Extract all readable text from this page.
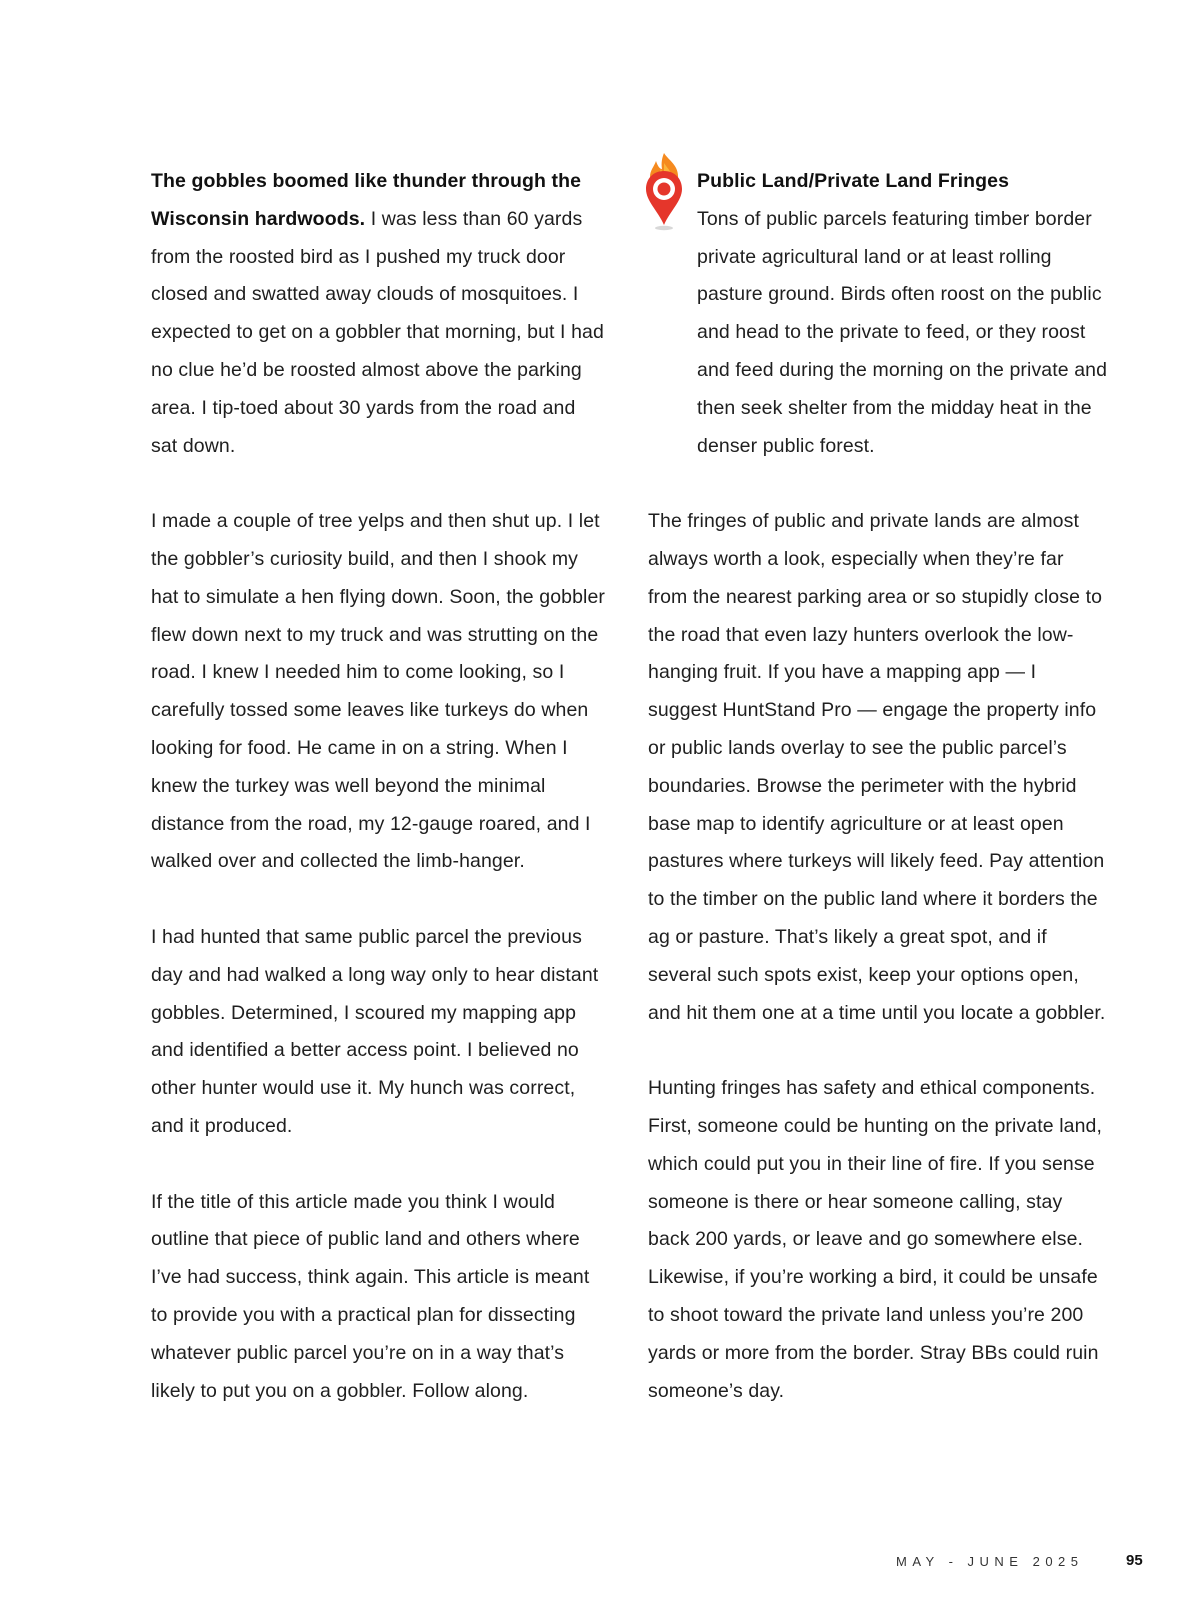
The gobbles boomed like thunder through the Wisconsin hardwoods. I was less than 60 yards from the roosted bird as I pushed my truck door closed and swatted away clouds of mosquitoes. I expected to get on a gobbler that morning, but I had no clue he’d be roosted almost above the parking area. I tip-toed about 30 yards from the road and sat down.

I made a couple of tree yelps and then shut up. I let the gobbler’s curiosity build, and then I shook my hat to simulate a hen flying down. Soon, the gobbler flew down next to my truck and was strutting on the road. I knew I needed him to come looking, so I carefully tossed some leaves like turkeys do when looking for food. He came in on a string. When I knew the turkey was well beyond the minimal distance from the road, my 12-gauge roared, and I walked over and collected the limb-hanger.

I had hunted that same public parcel the previous day and had walked a long way only to hear distant gobbles. Determined, I scoured my mapping app and identified a better access point. I believed no other hunter would use it. My hunch was correct, and it produced.

If the title of this article made you think I would outline that piece of public land and others where I’ve had success, think again. This article is meant to provide you with a practical plan for dissecting whatever public parcel you’re on in a way that’s likely to put you on a gobbler. Follow along.

Public Land/Private Land Fringes
Tons of public parcels featuring timber border private agricultural land or at least rolling pasture ground. Birds often roost on the public and head to the private to feed, or they roost and feed during the morning on the private and then seek shelter from the midday heat in the denser public forest.

The fringes of public and private lands are almost always worth a look, especially when they’re far from the nearest parking area or so stupidly close to the road that even lazy hunters overlook the low-hanging fruit. If you have a mapping app — I suggest HuntStand Pro — engage the property info or public lands overlay to see the public parcel’s boundaries. Browse the perimeter with the hybrid base map to identify agriculture or at least open pastures where turkeys will likely feed. Pay attention to the timber on the public land where it borders the ag or pasture. That’s likely a great spot, and if several such spots exist, keep your options open, and hit them one at a time until you locate a gobbler.

Hunting fringes has safety and ethical components. First, someone could be hunting on the private land, which could put you in their line of fire. If you sense someone is there or hear someone calling, stay back 200 yards, or leave and go somewhere else. Likewise, if you’re working a bird, it could be unsafe to shoot toward the private land unless you’re 200 yards or more from the border. Stray BBs could ruin someone’s day.

MAY - JUNE 2025	95
